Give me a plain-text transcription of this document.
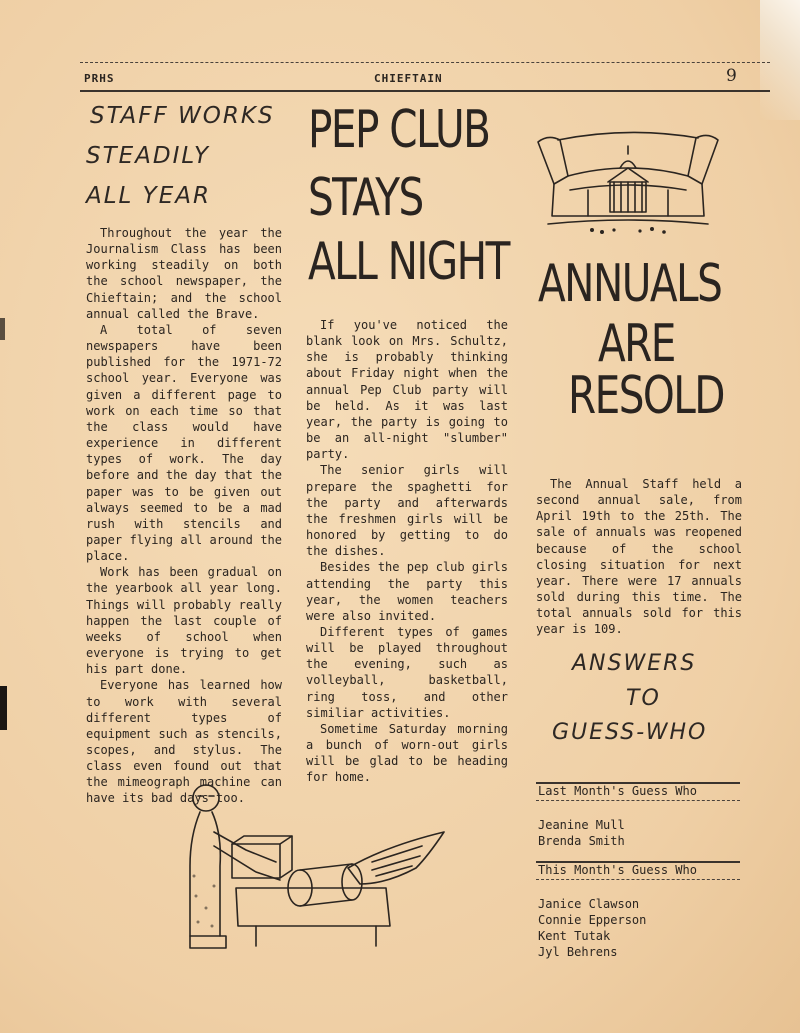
PRHS	CHIEFTAIN	9
STAFF WORKS
STEADILY
ALL YEAR

Throughout the year the Journalism Class has been working steadily on both the school newspaper, the Chieftain; and the school annual called the Brave.

A total of seven newspapers have been published for the 1971-72 school year. Everyone was given a different page to work on each time so that the class would have experience in different types of work. The day before and the day that the paper was to be given out always seemed to be a mad rush with stencils and paper flying all around the place.

Work has been gradual on the yearbook all year long. Things will probably really happen the last couple of weeks of school when everyone is trying to get his part done.

Everyone has learned how to work with several different types of equipment such as stencils, scopes, and stylus. The class even found out that the mimeograph machine can have its bad days too.

PEP CLUB
STAYS
ALL NIGHT

If you've noticed the blank look on Mrs. Schultz, she is probably thinking about Friday night when the annual Pep Club party will be held. As it was last year, the party is going to be an all-night "slumber" party.

The senior girls will prepare the spaghetti for the party and afterwards the freshmen girls will be honored by getting to do the dishes.

Besides the pep club girls attending the party this year, the women teachers were also invited.

Different types of games will be played throughout the evening, such as volleyball, basketball, ring toss, and other similiar activities.

Sometime Saturday morning a bunch of worn-out girls will be glad to be heading for home.

ANNUALS
ARE
RESOLD

The Annual Staff held a second annual sale, from April 19th to the 25th. The sale of annuals was reopened because of the school closing situation for next year. There were 17 annuals sold during this time. The total annuals sold for this year is 109.

ANSWERS
TO
GUESS-WHO
Last Month's Guess Who
Jeanine Mull
Brenda Smith
This Month's Guess Who
Janice Clawson
Connie Epperson
Kent Tutak
Jyl Behrens
